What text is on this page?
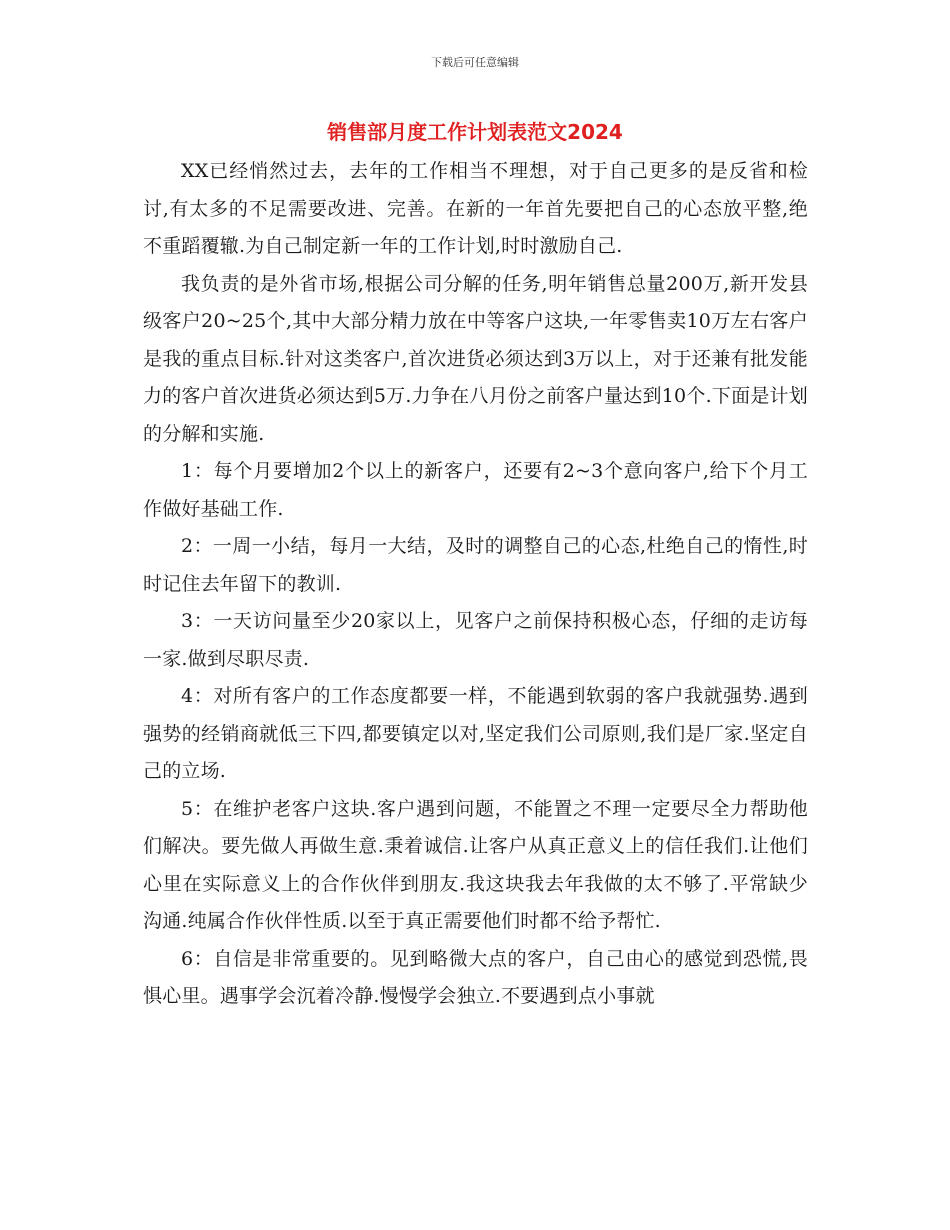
下载后可任意编辑
销售部月度工作计划表范文2024

XX已经悄然过去，去年的工作相当不理想，对于自己更多的是反省和检讨,有太多的不足需要改进、完善。在新的一年首先要把自己的心态放平整,绝不重蹈覆辙.为自己制定新一年的工作计划,时时激励自己.

我负责的是外省市场,根据公司分解的任务,明年销售总量200万,新开发县级客户20~25个,其中大部分精力放在中等客户这块,一年零售卖10万左右客户是我的重点目标.针对这类客户,首次进货必须达到3万以上，对于还兼有批发能力的客户首次进货必须达到5万.力争在八月份之前客户量达到10个.下面是计划的分解和实施.

1：每个月要增加2个以上的新客户，还要有2~3个意向客户,给下个月工作做好基础工作.

2：一周一小结，每月一大结，及时的调整自己的心态,杜绝自己的惰性,时时记住去年留下的教训.

3：一天访问量至少20家以上，见客户之前保持积极心态，仔细的走访每一家.做到尽职尽责.

4：对所有客户的工作态度都要一样，不能遇到软弱的客户我就强势.遇到强势的经销商就低三下四,都要镇定以对,坚定我们公司原则,我们是厂家.坚定自己的立场.

5：在维护老客户这块.客户遇到问题，不能置之不理一定要尽全力帮助他们解决。要先做人再做生意.秉着诚信.让客户从真正意义上的信任我们.让他们心里在实际意义上的合作伙伴到朋友.我这块我去年我做的太不够了.平常缺少沟通.纯属合作伙伴性质.以至于真正需要他们时都不给予帮忙.

6：自信是非常重要的。见到略微大点的客户，自己由心的感觉到恐慌,畏惧心里。遇事学会沉着冷静.慢慢学会独立.不要遇到点小事就
